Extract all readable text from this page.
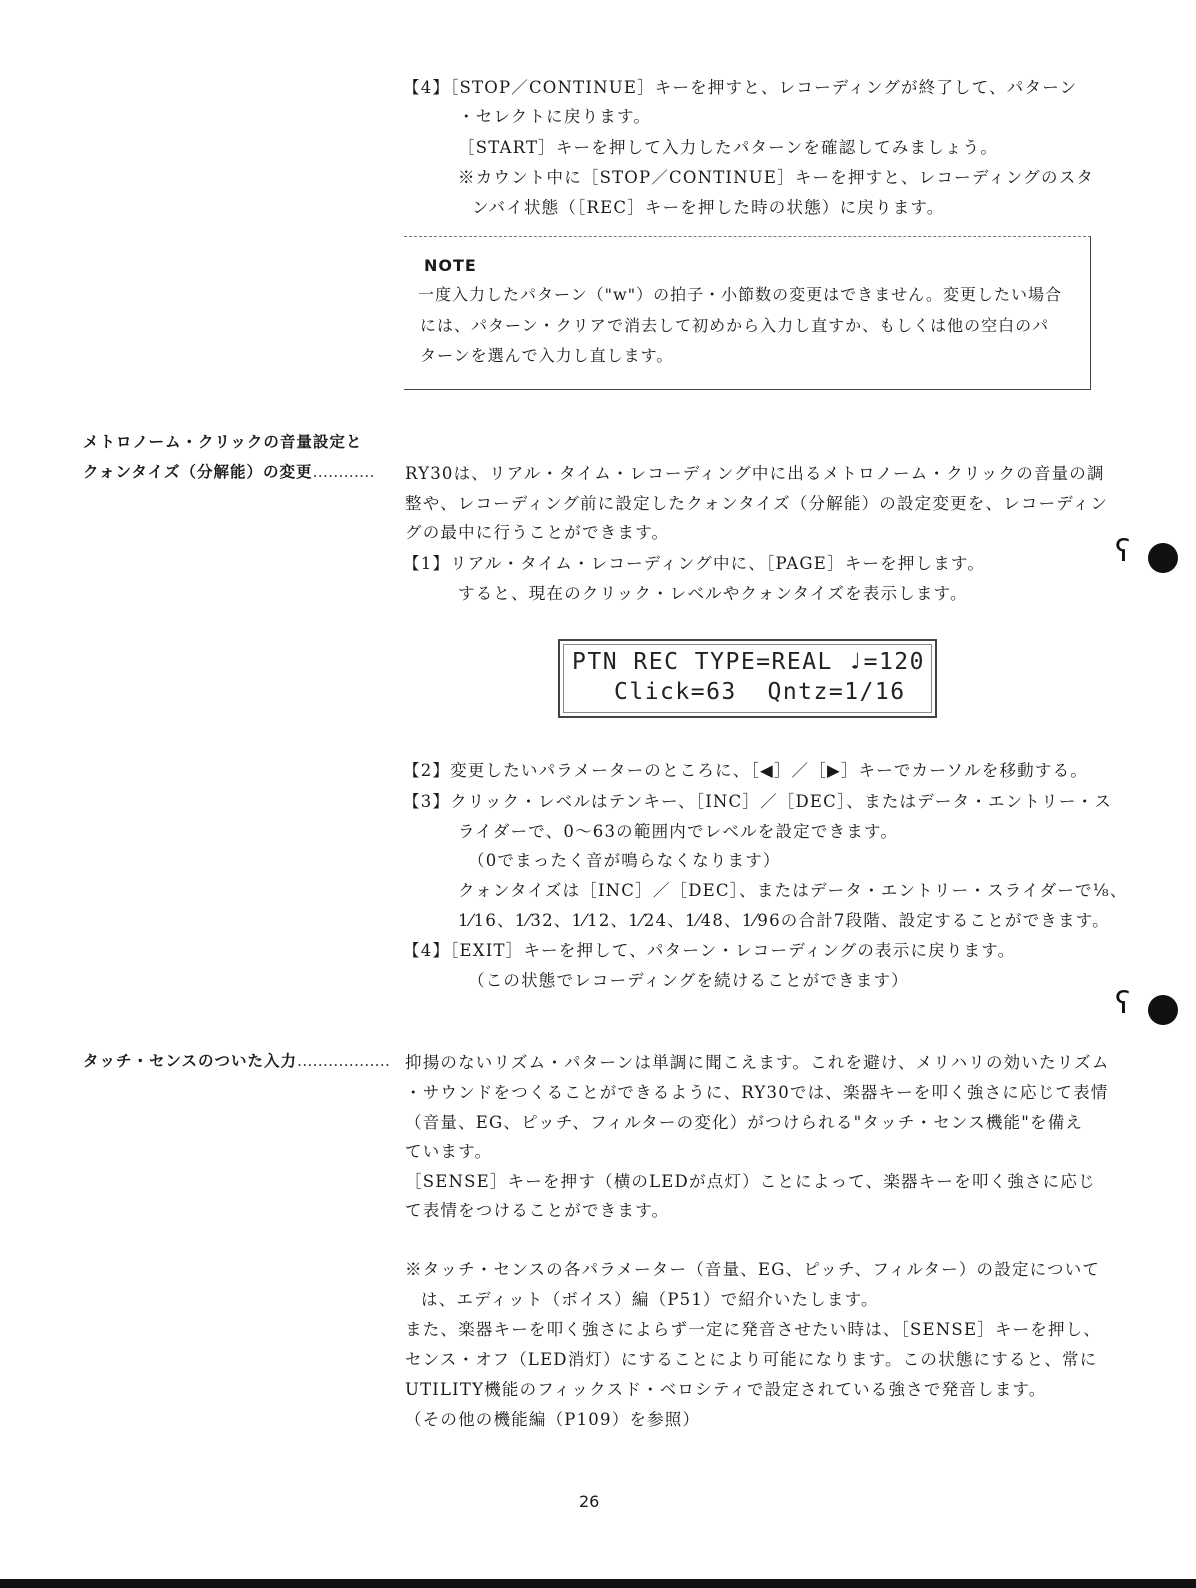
【4】［STOP／CONTINUE］キーを押すと、レコーディングが終了して、パターン
・セレクトに戻ります。
［START］キーを押して入力したパターンを確認してみましょう。
※カウント中に［STOP／CONTINUE］キーを押すと、レコーディングのスタ
ンバイ状態（［REC］キーを押した時の状態）に戻ります。
NOTE
一度入力したパターン（"w"）の拍子・小節数の変更はできません。変更したい場合
には、パターン・クリアで消去して初めから入力し直すか、もしくは他の空白のパ
ターンを選んで入力し直します。
メトロノーム・クリックの音量設定と
クォンタイズ（分解能）の変更………… RY30は、リアル・タイム・レコーディング中に出るメトロノーム・クリックの音量の調
整や、レコーディング前に設定したクォンタイズ（分解能）の設定変更を、レコーディン
グの最中に行うことができます。
【1】リアル・タイム・レコーディング中に、［PAGE］キーを押します。
すると、現在のクリック・レベルやクォンタイズを表示します。
PTN REC TYPE=REAL ♩=120
Click=63  Qntz=1/16
【2】変更したいパラメーターのところに、［◀］／［▶］キーでカーソルを移動する。
【3】クリック・レベルはテンキー、［INC］／［DEC］、またはデータ・エントリー・ス
ライダーで、0〜63の範囲内でレベルを設定できます。
（0でまったく音が鳴らなくなります）
クォンタイズは［INC］／［DEC］、またはデータ・エントリー・スライダーで⅛、
1⁄16、1⁄32、1⁄12、1⁄24、1⁄48、1⁄96の合計7段階、設定することができます。
【4】［EXIT］キーを押して、パターン・レコーディングの表示に戻ります。
（この状態でレコーディングを続けることができます）
タッチ・センスのついた入力……………… 抑揚のないリズム・パターンは単調に聞こえます。これを避け、メリハリの効いたリズム
・サウンドをつくることができるように、RY30では、楽器キーを叩く強さに応じて表情
（音量、EG、ピッチ、フィルターの変化）がつけられる"タッチ・センス機能"を備え
ています。
［SENSE］キーを押す（横のLEDが点灯）ことによって、楽器キーを叩く強さに応じ
て表情をつけることができます。
※タッチ・センスの各パラメーター（音量、EG、ピッチ、フィルター）の設定について
は、エディット（ボイス）編（P51）で紹介いたします。
また、楽器キーを叩く強さによらず一定に発音させたい時は、［SENSE］キーを押し、
センス・オフ（LED消灯）にすることにより可能になります。この状態にすると、常に
UTILITY機能のフィックスド・ベロシティで設定されている強さで発音します。
（その他の機能編（P109）を参照）
ʕ
ʕ
26
